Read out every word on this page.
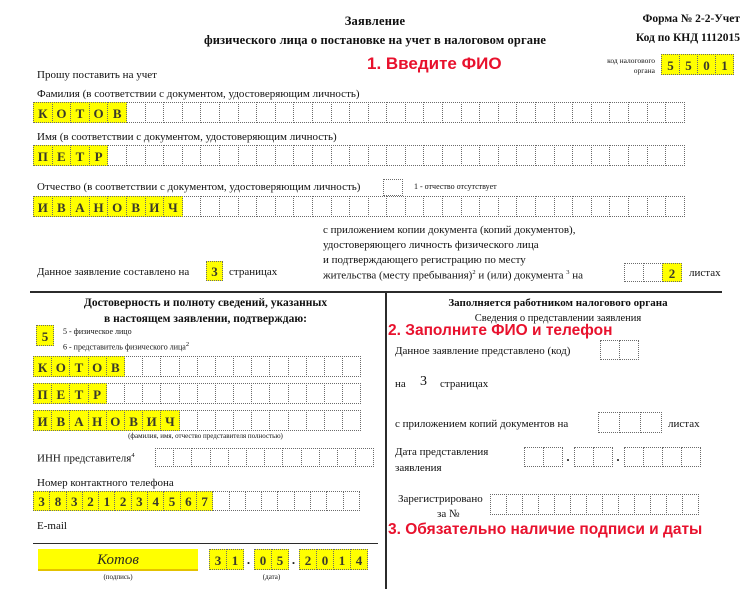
Заявление
физического лица о постановке на учет в налоговом органе
Форма № 2-2-Учет
Код по КНД 1112015
код налогового
органа 5 5 0 1
1. Введите ФИО
Прошу поставить на учет
Фамилия (в соответствии с документом, удостоверяющим личность)
К О Т О В
Имя (в соответствии с документом, удостоверяющим личность)
П Е Т Р
Отчество (в соответствии с документом, удостоверяющим личность)	1 - отчество отсутствует
И В А Н О В И Ч
Данное заявление составлено на	3	страницах
с приложением копии документа (копий документов),
удостоверяющего личность физического лица
и подтверждающего регистрацию по месту
жительства (месту пребывания)$^2$ и (или) документа $^3$ на	2	листах
Достоверность и полноту сведений, указанных
в настоящем заявлении, подтверждаю:
5	5 - физическое лицо
6 - представитель физического лица$^2$
2. Заполните ФИО и телефон
К О Т О В
П Е Т Р
И В А Н О В И Ч
(фамилия, имя, отчество представителя полностью)
ИНН представителя$^4$
Номер контактного телефона
3 8 3 2 1 2 3 4 5 6 7
E-mail	3. Обязательно наличие подписи и даты
Котов
(подпись)
3 1 . 0 5 . 2 0 1 4
(дата)
Заполняется работником налогового органа
Сведения о представлении заявления
Данное заявление представлено (код)
на 3 страницах
с приложением копий документов на	листах
Дата представления
заявления
.	.
Зарегистрировано
за №
